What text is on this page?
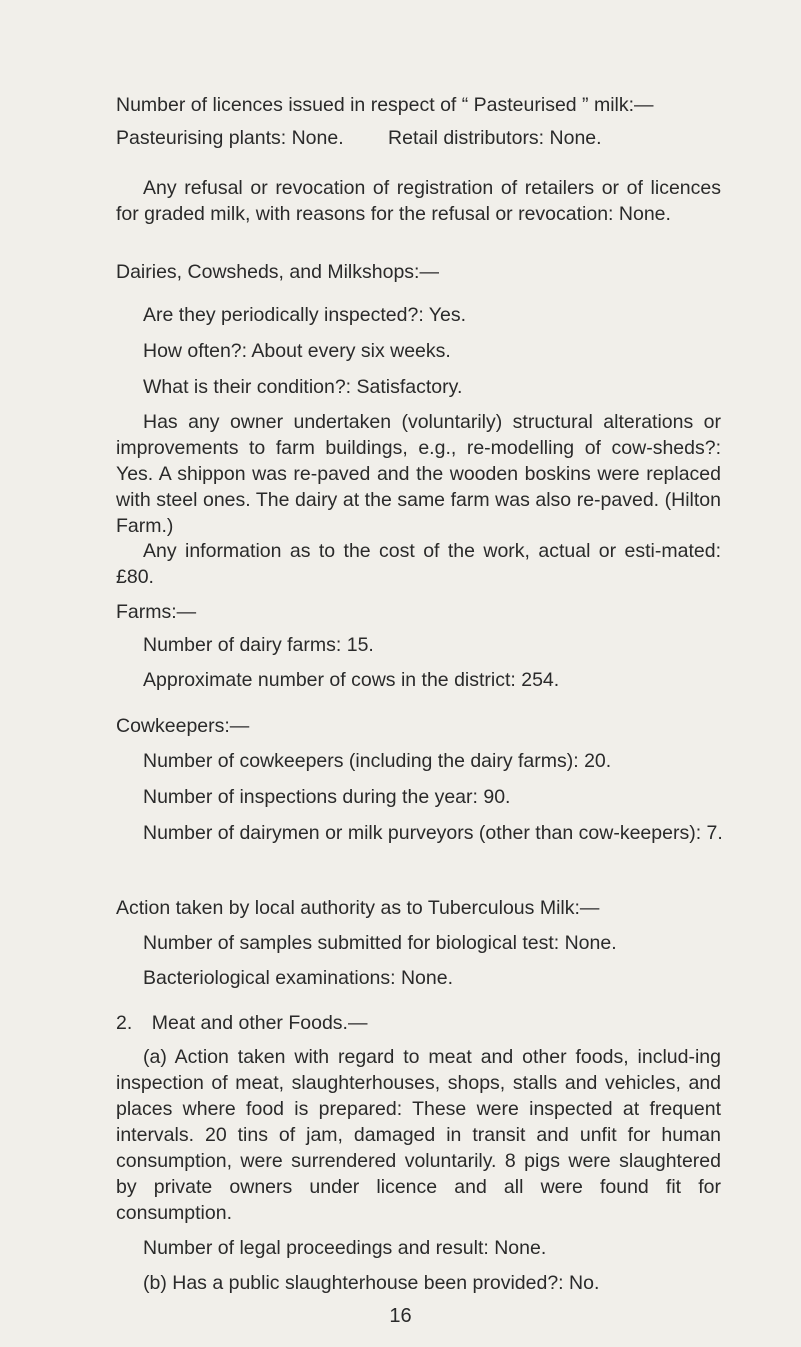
Number of licences issued in respect of “ Pasteurised ” milk:—

Pasteurising plants: None.   Retail distributors: None.

Any refusal or revocation of registration of retailers or of licences for graded milk, with reasons for the refusal or revocation: None.

Dairies, Cowsheds, and Milkshops:—

Are they periodically inspected?: Yes.

How often?: About every six weeks.

What is their condition?: Satisfactory.

Has any owner undertaken (voluntarily) structural alterations or improvements to farm buildings, e.g., re-modelling of cow-sheds?: Yes. A shippon was re-paved and the wooden boskins were replaced with steel ones. The dairy at the same farm was also re-paved. (Hilton Farm.)

Any information as to the cost of the work, actual or esti-mated: £80.

Farms:—

Number of dairy farms: 15.

Approximate number of cows in the district: 254.

Cowkeepers:—

Number of cowkeepers (including the dairy farms): 20.

Number of inspections during the year: 90.

Number of dairymen or milk purveyors (other than cow-keepers): 7.

Action taken by local authority as to Tuberculous Milk:—

Number of samples submitted for biological test: None.

Bacteriological examinations: None.

2. Meat and other Foods.—

(a) Action taken with regard to meat and other foods, includ-ing inspection of meat, slaughterhouses, shops, stalls and vehicles, and places where food is prepared: These were inspected at frequent intervals. 20 tins of jam, damaged in transit and unfit for human consumption, were surrendered voluntarily. 8 pigs were slaughtered by private owners under licence and all were found fit for consumption.

Number of legal proceedings and result: None.

(b) Has a public slaughterhouse been provided?: No.

16
